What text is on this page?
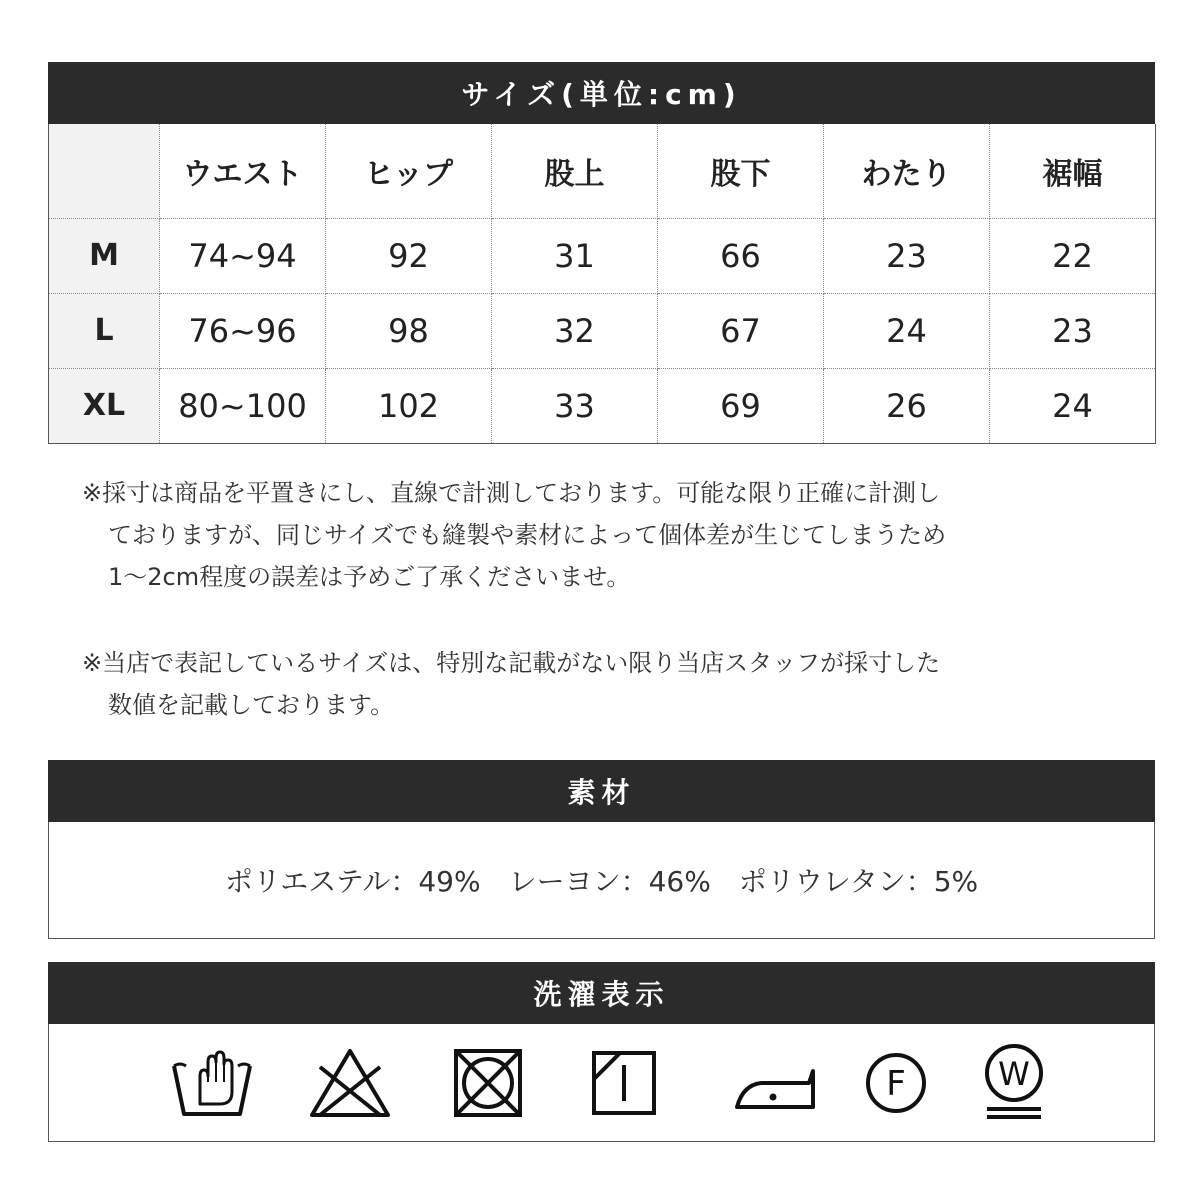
サイズ(単位:cm)
	ウエスト	ヒップ	股上	股下	わたり	裾幅
M	74~94	92	31	66	23	22
L	76~96	98	32	67	24	23
XL	80~100	102	33	69	26	24
※採寸は商品を平置きにし、直線で計測しております。可能な限り正確に計測し
ておりますが、同じサイズでも縫製や素材によって個体差が生じてしまうため
1～2cm程度の誤差は予めご了承くださいませ。
※当店で表記しているサイズは、特別な記載がない限り当店スタッフが採寸した
数値を記載しております。
素材
ポリエステル：49%　レーヨン：46%　ポリウレタン：5%
洗濯表示
F	W
